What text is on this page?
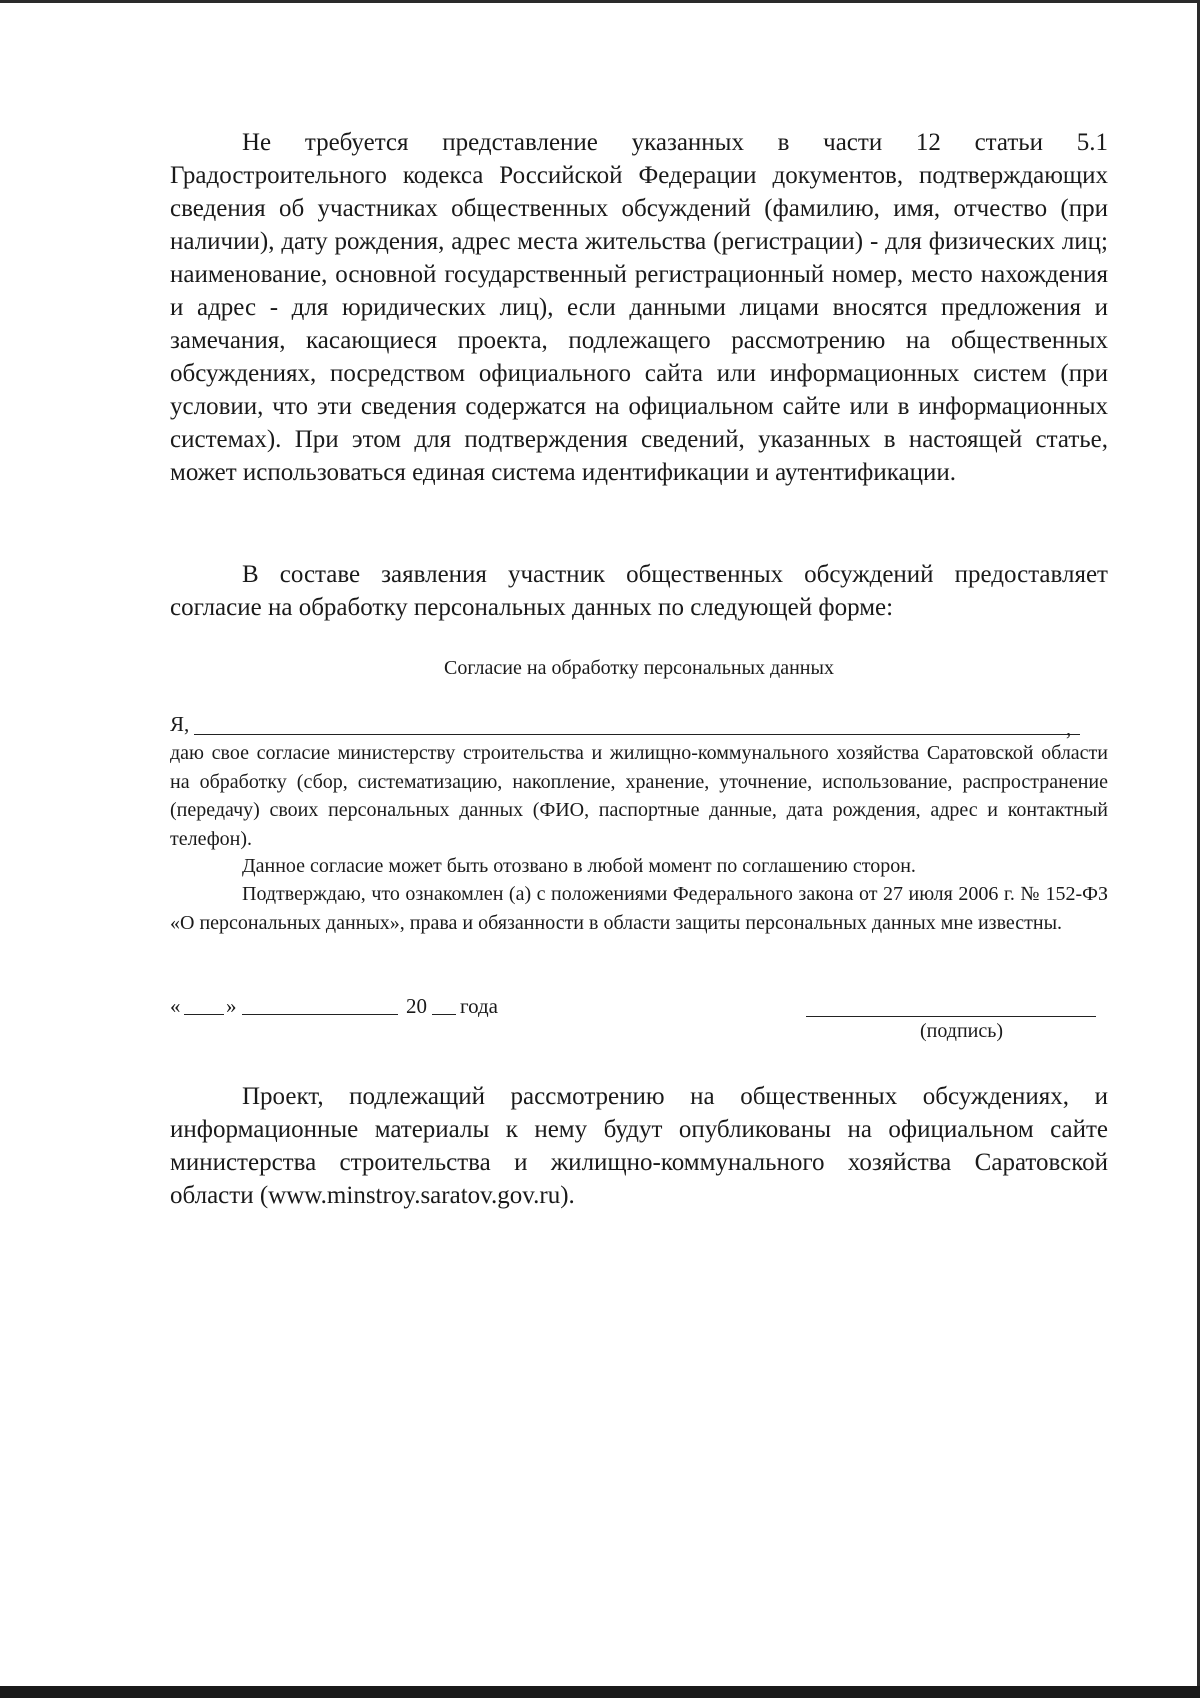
Не требуется представление указанных в части 12 статьи 5.1 Градостроительного кодекса Российской Федерации документов, подтверждающих сведения об участниках общественных обсуждений (фамилию, имя, отчество (при наличии), дату рождения, адрес места жительства (регистрации) - для физических лиц; наименование, основной государственный регистрационный номер, место нахождения и адрес - для юридических лиц), если данными лицами вносятся предложения и замечания, касающиеся проекта, подлежащего рассмотрению на общественных обсуждениях, посредством официального сайта или информационных систем (при условии, что эти сведения содержатся на официальном сайте или в информационных системах). При этом для подтверждения сведений, указанных в настоящей статье, может использоваться единая система идентификации и аутентификации.

В составе заявления участник общественных обсуждений предоставляет согласие на обработку персональных данных по следующей форме:

Согласие на обработку персональных данных

Я,	,

даю свое согласие министерству строительства и жилищно-коммунального хозяйства Саратовской области на обработку (сбор, систематизацию, накопление, хранение, уточнение, использование, распространение (передачу) своих персональных данных (ФИО, паспортные данные, дата рождения, адрес и контактный телефон).

Данное согласие может быть отозвано в любой момент по соглашению сторон.

Подтверждаю, что ознакомлен (а) с положениями Федерального закона от 27 июля 2006 г. № 152-ФЗ «О персональных данных», права и обязанности в области защиты персональных данных мне известны.

« »	20 года
(подпись)

Проект, подлежащий рассмотрению на общественных обсуждениях, и информационные материалы к нему будут опубликованы на официальном сайте министерства строительства и жилищно-коммунального хозяйства Саратовской области (www.minstroy.saratov.gov.ru).
